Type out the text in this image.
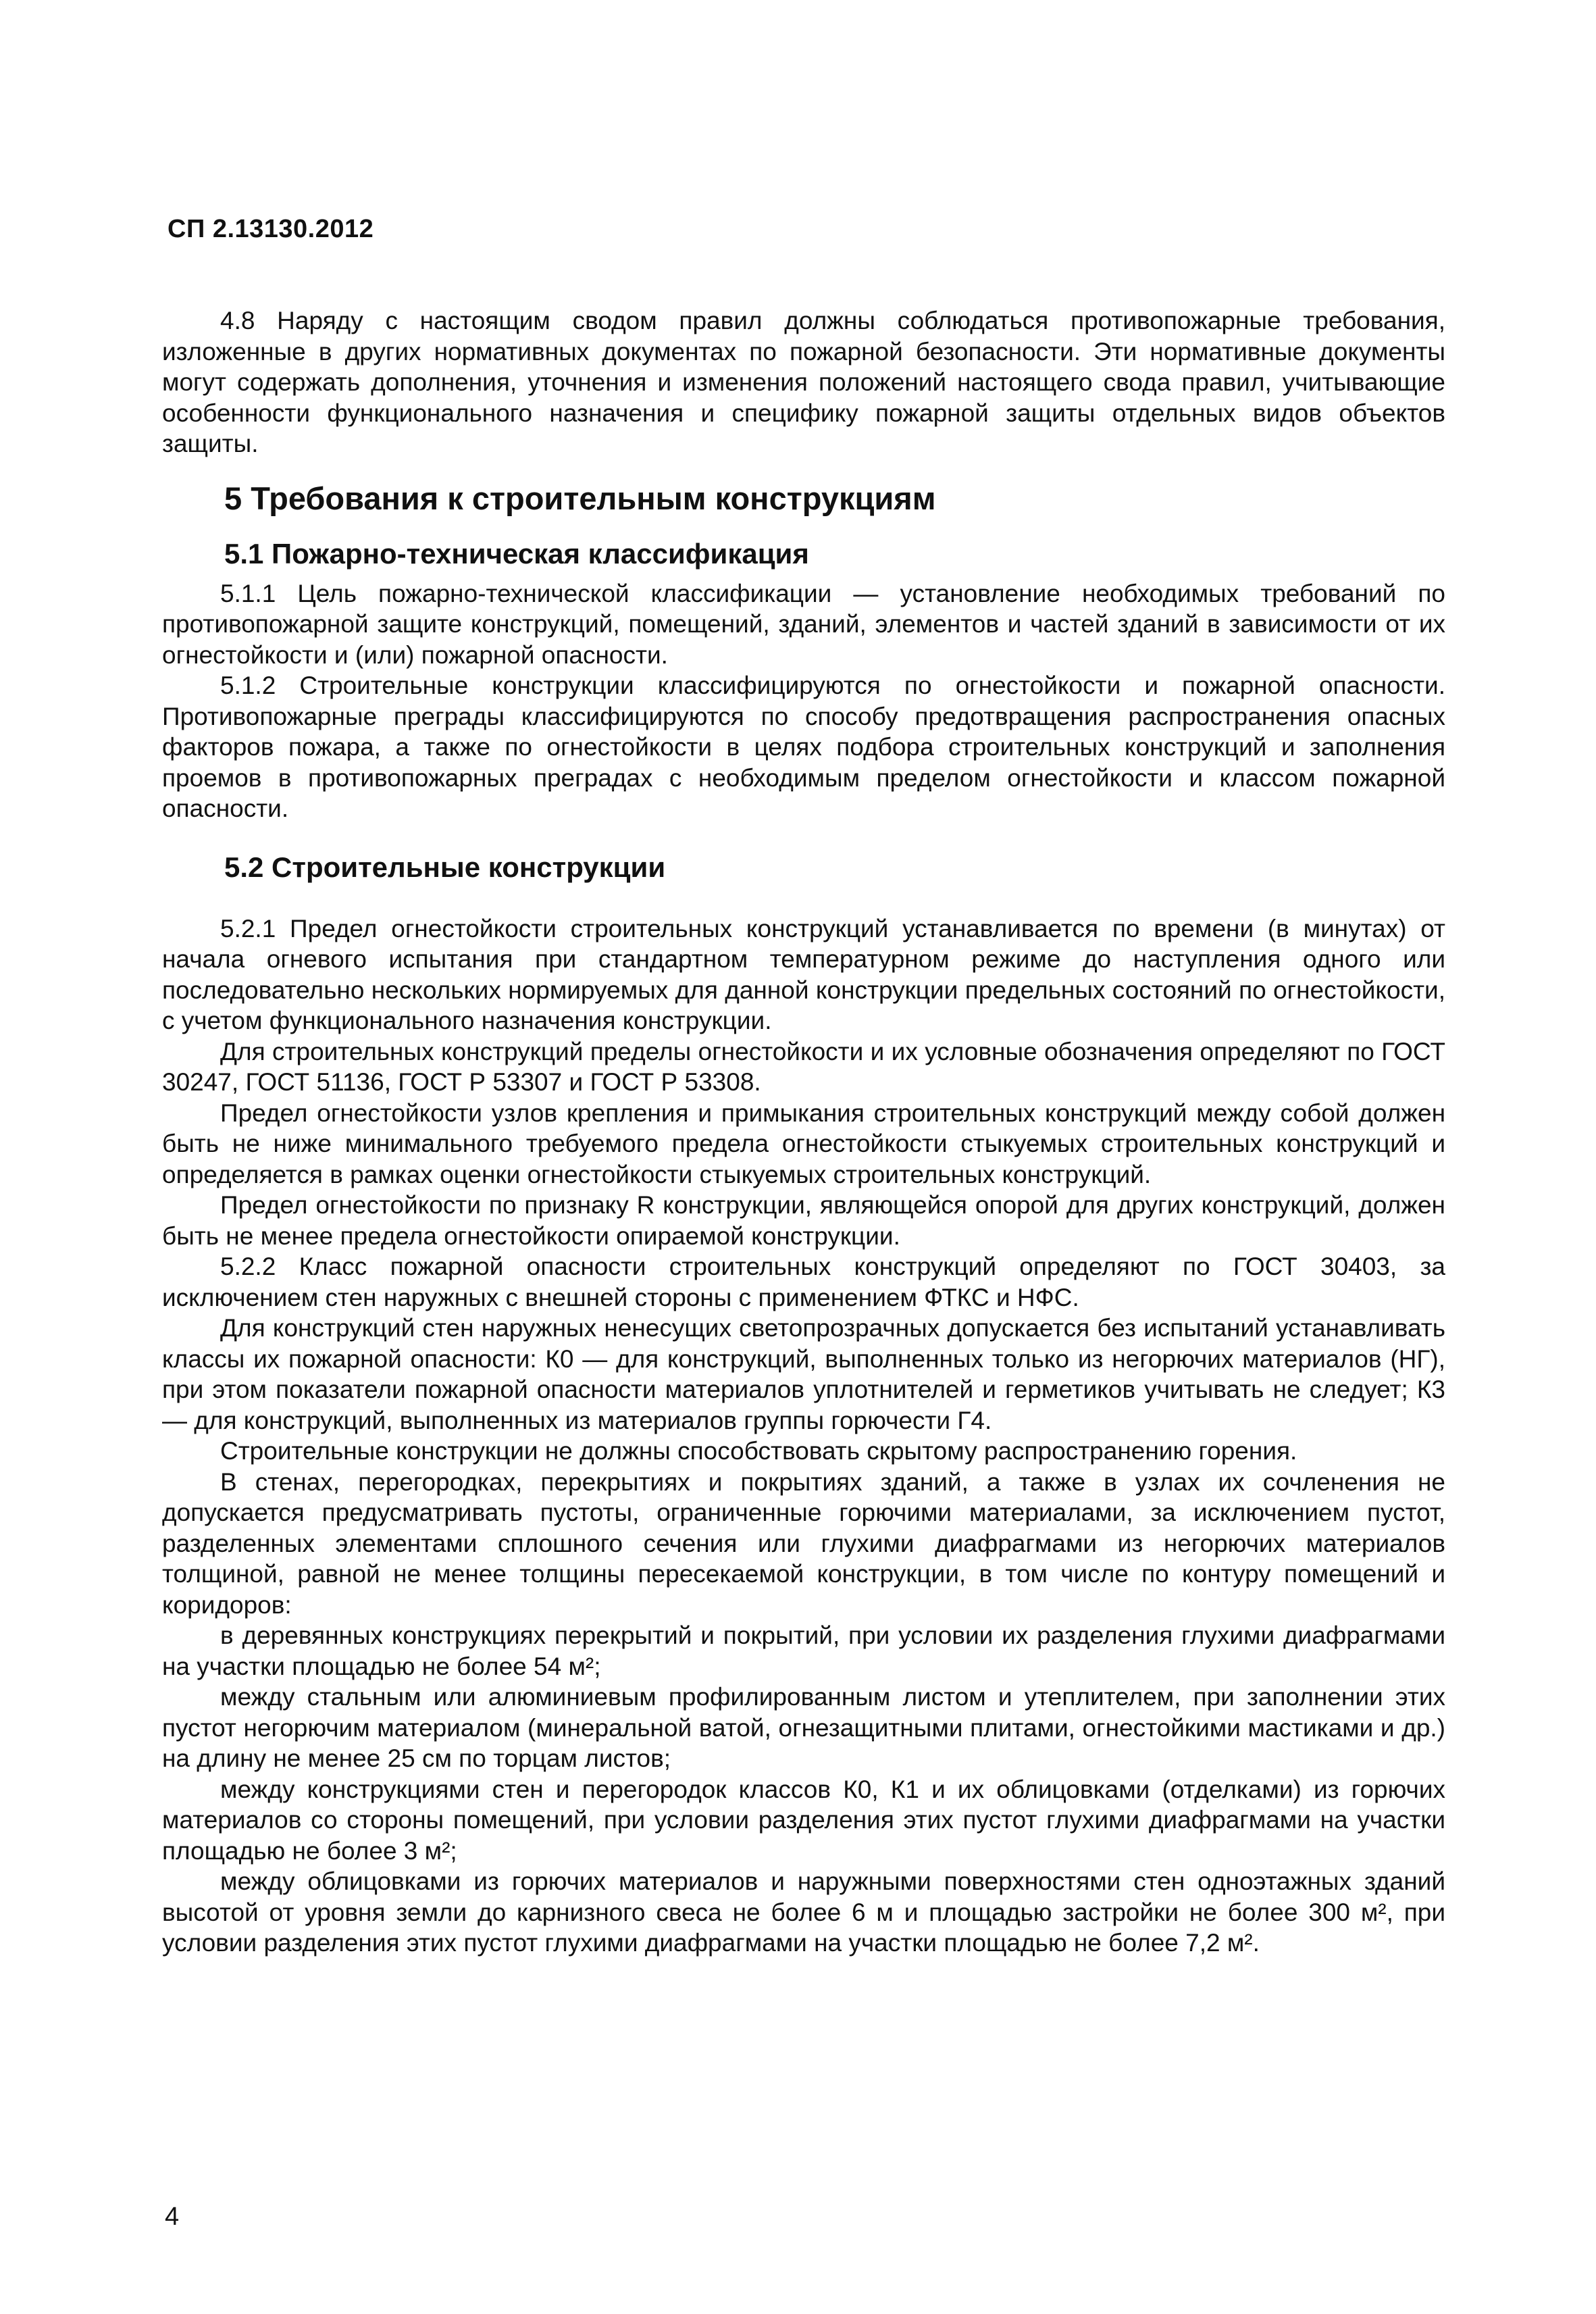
СП 2.13130.2012

4.8 Наряду с настоящим сводом правил должны соблюдаться противопожарные требования, изложенные в других нормативных документах по пожарной безопасности. Эти нормативные документы могут содержать дополнения, уточнения и изменения положений настоящего свода правил, учитывающие особенности функционального назначения и специфику пожарной защиты отдельных видов объектов защиты.

5 Требования к строительным конструкциям
5.1 Пожарно-техническая классификация

5.1.1 Цель пожарно-технической классификации — установление необходимых требований по противопожарной защите конструкций, помещений, зданий, элементов и частей зданий в зависимости от их огнестойкости и (или) пожарной опасности.

5.1.2 Строительные конструкции классифицируются по огнестойкости и пожарной опасности. Противопожарные преграды классифицируются по способу предотвращения распространения опасных факторов пожара, а также по огнестойкости в целях подбора строительных конструкций и заполнения проемов в противопожарных преградах с необходимым пределом огнестойкости и классом пожарной опасности.

5.2 Строительные конструкции

5.2.1 Предел огнестойкости строительных конструкций устанавливается по времени (в минутах) от начала огневого испытания при стандартном температурном режиме до наступления одного или последовательно нескольких нормируемых для данной конструкции предельных состояний по огнестойкости, с учетом функционального назначения конструкции.

Для строительных конструкций пределы огнестойкости и их условные обозначения определяют по ГОСТ 30247, ГОСТ 51136, ГОСТ Р 53307 и ГОСТ Р 53308.

Предел огнестойкости узлов крепления и примыкания строительных конструкций между собой должен быть не ниже минимального требуемого предела огнестойкости стыкуемых строительных конструкций и определяется в рамках оценки огнестойкости стыкуемых строительных конструкций.

Предел огнестойкости по признаку R конструкции, являющейся опорой для других конструкций, должен быть не менее предела огнестойкости опираемой конструкции.

5.2.2 Класс пожарной опасности строительных конструкций определяют по ГОСТ 30403, за исключением стен наружных с внешней стороны с применением ФТКС и НФС.

Для конструкций стен наружных ненесущих светопрозрачных допускается без испытаний устанавливать классы их пожарной опасности: К0 — для конструкций, выполненных только из негорючих материалов (НГ), при этом показатели пожарной опасности материалов уплотнителей и герметиков учитывать не следует; К3 — для конструкций, выполненных из материалов группы горючести Г4.

Строительные конструкции не должны способствовать скрытому распространению горения.

В стенах, перегородках, перекрытиях и покрытиях зданий, а также в узлах их сочленения не допускается предусматривать пустоты, ограниченные горючими материалами, за исключением пустот, разделенных элементами сплошного сечения или глухими диафрагмами из негорючих материалов толщиной, равной не менее толщины пересекаемой конструкции, в том числе по контуру помещений и коридоров:

в деревянных конструкциях перекрытий и покрытий, при условии их разделения глухими диафрагмами на участки площадью не более 54 м²;

между стальным или алюминиевым профилированным листом и утеплителем, при заполнении этих пустот негорючим материалом (минеральной ватой, огнезащитными плитами, огнестойкими мастиками и др.) на длину не менее 25 см по торцам листов;

между конструкциями стен и перегородок классов К0, К1 и их облицовками (отделками) из горючих материалов со стороны помещений, при условии разделения этих пустот глухими диафрагмами на участки площадью не более 3 м²;

между облицовками из горючих материалов и наружными поверхностями стен одноэтажных зданий высотой от уровня земли до карнизного свеса не более 6 м и площадью застройки не более 300 м², при условии разделения этих пустот глухими диафрагмами на участки площадью не более 7,2 м².

4
